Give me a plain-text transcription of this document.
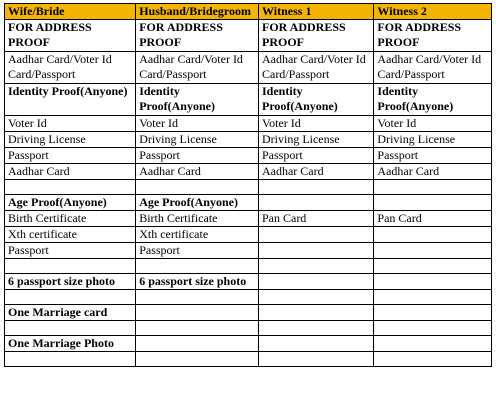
Wife/Bride	Husband/Bridegroom	Witness 1	Witness 2
FOR ADDRESS PROOF	FOR ADDRESS PROOF	FOR ADDRESS PROOF	FOR ADDRESS PROOF
Aadhar Card/Voter Id Card/Passport	Aadhar Card/Voter Id Card/Passport	Aadhar Card/Voter Id Card/Passport	Aadhar Card/Voter Id Card/Passport
Identity Proof(Anyone)	Identity Proof(Anyone)	Identity Proof(Anyone)	Identity Proof(Anyone)
Voter Id	Voter Id	Voter Id	Voter Id
Driving License	Driving License	Driving License	Driving License
Passport	Passport	Passport	Passport
Aadhar Card	Aadhar Card	Aadhar Card	Aadhar Card

Age Proof(Anyone)	Age Proof(Anyone)		
Birth Certificate	Birth Certificate	Pan Card	Pan Card
Xth certificate	Xth certificate		
Passport	Passport		

6 passport size photo	6 passport size photo		

One Marriage card			

One Marriage Photo			
